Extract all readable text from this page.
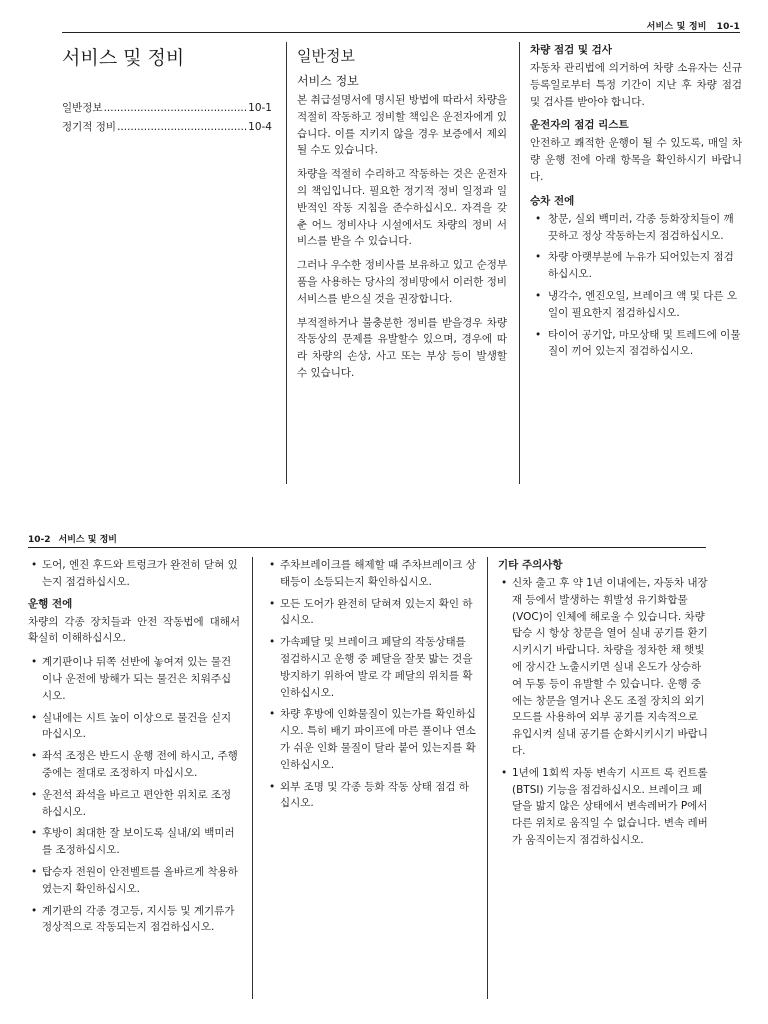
서비스 및 정비 10-1
서비스 및 정비
일반정보 .....	10-1
정기적 정비 .....	10-4
일반정보
서비스 정보

본 취급설명서에 명시된 방법에 따라서 차량을 적절히 작동하고 정비할 책임은 운전자에게 있습니다. 이를 지키지 않을 경우 보증에서 제외될 수도 있습니다.

차량을 적절히 수리하고 작동하는 것은 운전자의 책임입니다. 필요한 정기적 정비 일정과 일반적인 작동 지침을 준수하십시오. 자격을 갖춘 어느 정비사나 시설에서도 차량의 정비 서비스를 받을 수 있습니다.

그러나 우수한 정비사를 보유하고 있고 순정부품을 사용하는 당사의 정비망에서 이러한 정비 서비스를 받으실 것을 권장합니다.

부적절하거나 불충분한 정비를 받을경우 차량 작동상의 문제를 유발할수 있으며, 경우에 따라 차량의 손상, 사고 또는 부상 등이 발생할 수 있습니다.

차량 점검 및 검사

자동차 관리법에 의거하여 차량 소유자는 신규 등록일로부터 특정 기간이 지난 후 차량 점검 및 검사를 받아야 합니다.

운전자의 점검 리스트

안전하고 쾌적한 운행이 될 수 있도록, 매일 차량 운행 전에 아래 항목을 확인하시기 바랍니다.

승차 전에
• 창문, 실외 백미러, 각종 등화장치들이 깨끗하고 정상 작동하는지 점검하십시오.
• 차량 아랫부분에 누유가 되어있는지 점검하십시오.
• 냉각수, 엔진오일, 브레이크 액 및 다른 오일이 필요한지 점검하십시오.
• 타이어 공기압, 마모상태 및 트레드에 이물질이 끼어 있는지 점검하십시오.
10-2 서비스 및 정비
• 도어, 엔진 후드와 트렁크가 완전히 닫혀 있는지 점검하십시오.
운행 전에

차량의 각종 장치들과 안전 작동법에 대해서 확실히 이해하십시오.

• 계기판이나 뒤쪽 선반에 놓여져 있는 물건이나 운전에 방해가 되는 물건은 치워주십시오.
• 실내에는 시트 높이 이상으로 물건을 싣지 마십시오.
• 좌석 조정은 반드시 운행 전에 하시고, 주행 중에는 절대로 조정하지 마십시오.
• 운전석 좌석을 바르고 편안한 위치로 조정하십시오.
• 후방이 최대한 잘 보이도록 실내/외 백미러를 조정하십시오.
• 탑승자 전원이 안전벨트를 올바르게 착용하였는지 확인하십시오.
• 계기판의 각종 경고등, 지시등 및 계기류가 정상적으로 작동되는지 점검하십시오.
• 주차브레이크를 해제할 때 주차브레이크 상태등이 소등되는지 확인하십시오.
• 모든 도어가 완전히 닫혀져 있는지 확인 하십시오.
• 가속페달 및 브레이크 페달의 작동상태를 점검하시고 운행 중 페달을 잘못 밟는 것을 방지하기 위하여 발로 각 페달의 위치를 확인하십시오.
• 차량 후방에 인화물질이 있는가를 확인하십시오. 특히 배기 파이프에 마른 풀이나 연소가 쉬운 인화 물질이 달라 붙어 있는지를 확인하십시오.
• 외부 조명 및 각종 등화 작동 상태 점검 하십시오.
기타 주의사항
• 신차 출고 후 약 1년 이내에는, 자동차 내장재 등에서 발생하는 휘발성 유기화합물(VOC)이 인체에 해로울 수 있습니다. 차량 탑승 시 항상 창문을 열어 실내 공기를 환기시키시기 바랍니다. 차량을 정차한 채 햇빛에 장시간 노출시키면 실내 온도가 상승하여 두통 등이 유발할 수 있습니다. 운행 중에는 창문을 열거나 온도 조절 장치의 외기모드를 사용하여 외부 공기를 지속적으로 유입시켜 실내 공기를 순화시키시기 바랍니다.
• 1년에 1회씩 자동 변속기 시프트 록 컨트롤(BTSI) 기능을 점검하십시오. 브레이크 페달을 밟지 않은 상태에서 변속레버가 P에서 다른 위치로 움직일 수 없습니다. 변속 레버가 움직이는지 점검하십시오.
